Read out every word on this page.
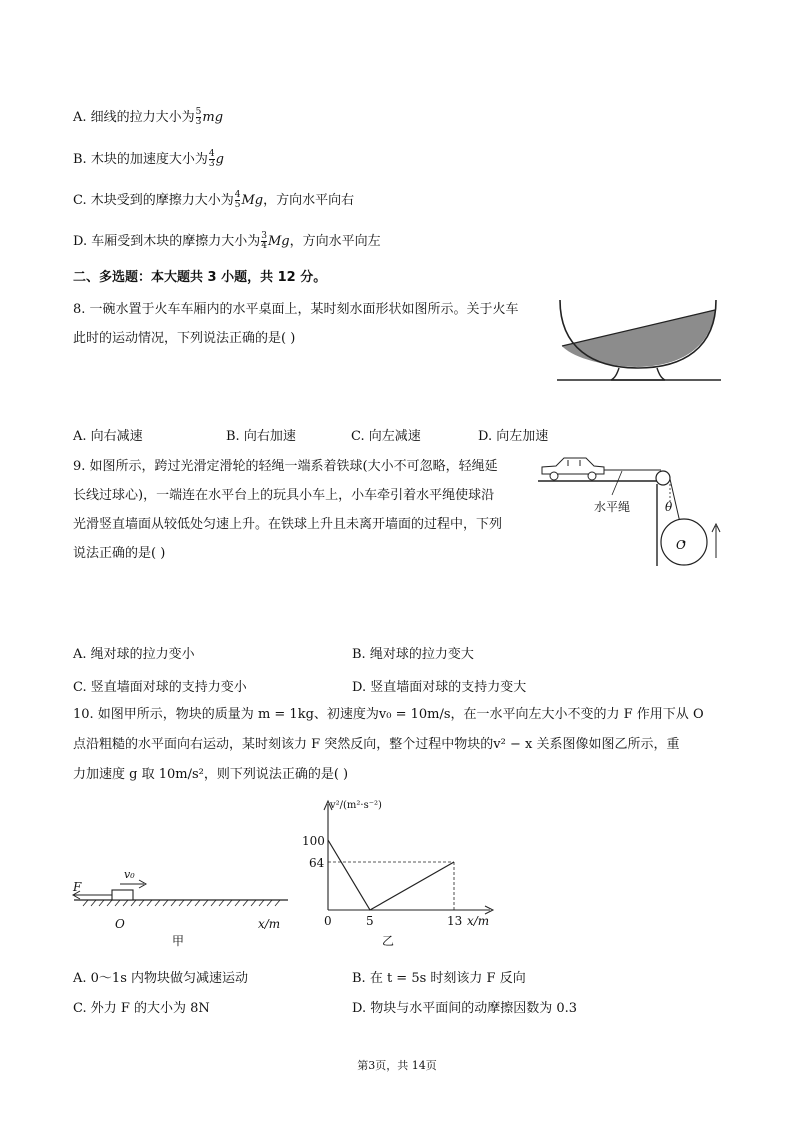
A. 细线的拉力大小为 $\frac{5}{3}$ mg
B. 木块的加速度大小为 $\frac{4}{3}$ g
C. 木块受到的摩擦力大小为 $\frac{4}{5}$ Mg，方向水平向右
D. 车厢受到木块的摩擦力大小为 $\frac{3}{4}$ Mg，方向水平向左
二、多选题：本大题共 3 小题，共 12 分。
8. 一碗水置于火车车厢内的水平桌面上，某时刻水面形状如图所示。关于火车
此时的运动情况，下列说法正确的是( )
A. 向右减速	B. 向右加速	C. 向左减速	D. 向左加速
9. 如图所示，跨过光滑定滑轮的轻绳一端系着铁球(大小不可忽略，轻绳延
长线过球心)，一端连在水平台上的玩具小车上，小车牵引着水平绳使球沿
光滑竖直墙面从较低处匀速上升。在铁球上升且未离开墙面的过程中，下列
说法正确的是( )
水平绳	θ
O
A. 绳对球的拉力变小	B. 绳对球的拉力变大
C. 竖直墙面对球的支持力变小	D. 竖直墙面对球的支持力变大
10. 如图甲所示，物块的质量为 m = 1kg、初速度为v₀ = 10m/s，在一水平向左大小不变的力 F 作用下从 O
点沿粗糙的水平面向右运动，某时刻该力 F 突然反向，整个过程中物块的v² − x 关系图像如图乙所示，重
力加速度 g 取 10m/s²，则下列说法正确的是( )
F
v₀
O	x/m
甲
v²/(m²·s⁻²)
100
64
0	5	13 x/m
乙
A. 0～1s 内物块做匀减速运动	B. 在 t = 5s 时刻该力 F 反向
C. 外力 F 的大小为 8N	D. 物块与水平面间的动摩擦因数为 0.3
第3页，共 14页
